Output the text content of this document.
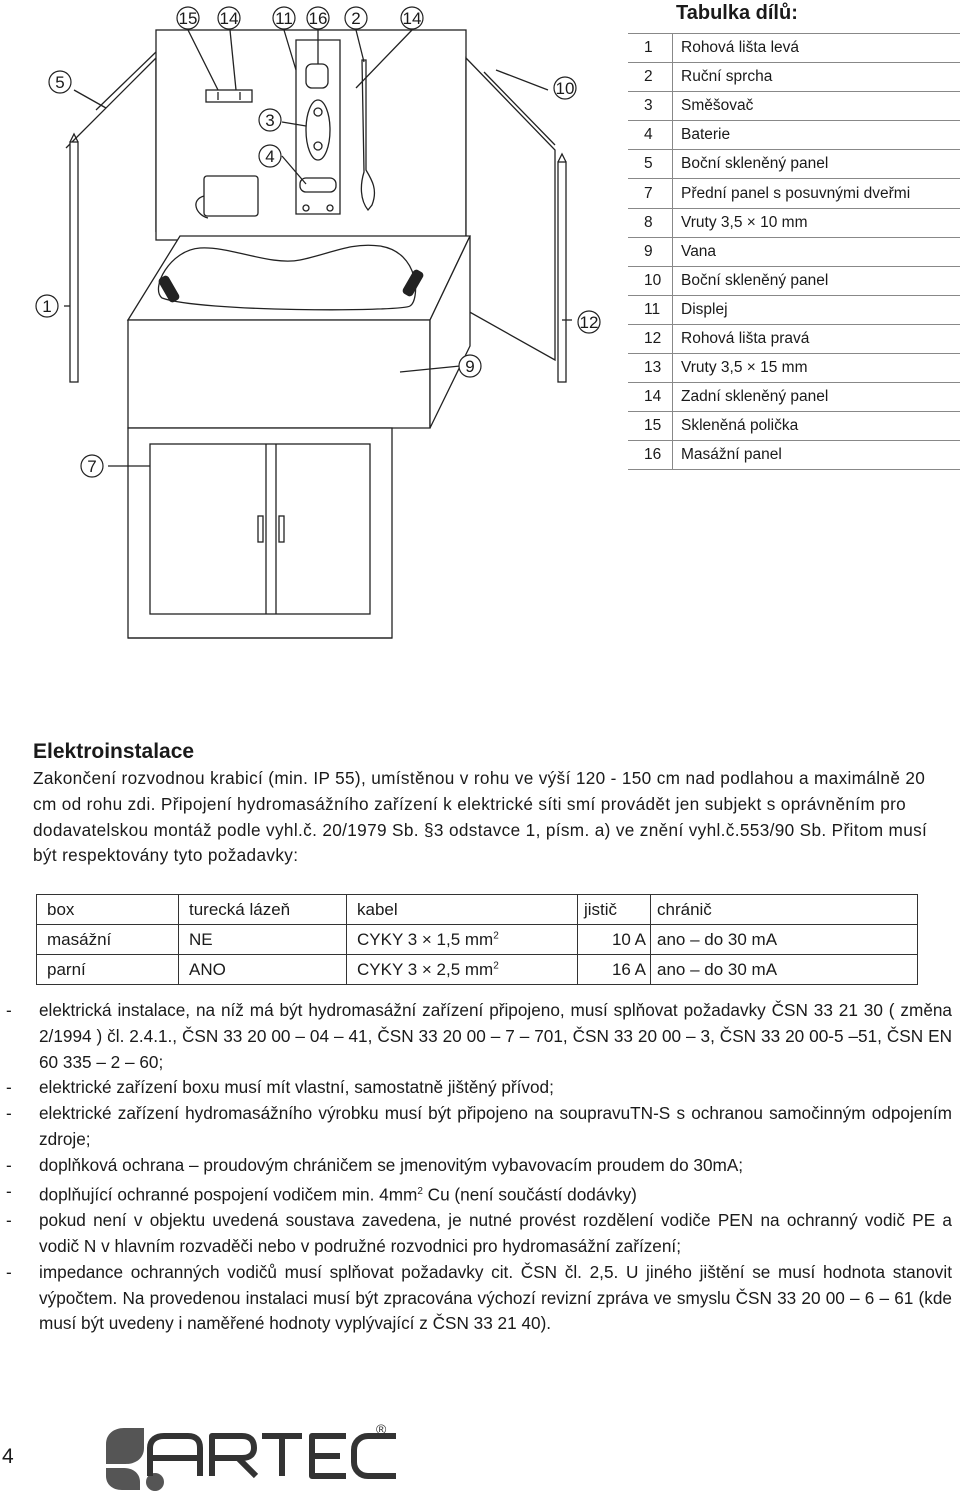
15 14 11 16 2 14
5	10
3
4
1
12
9
7
Tabulka dílů:
1	Rohová lišta levá
2	Ruční sprcha
3	Směšovač
4	Baterie
5	Boční skleněný panel
7	Přední panel s posuvnými dveřmi
8	Vruty 3,5 × 10 mm
9	Vana
10	Boční skleněný panel
11	Displej
12	Rohová lišta pravá
13	Vruty 3,5 × 15 mm
14	Zadní skleněný panel
15	Skleněná polička
16	Masážní panel
Elektroinstalace
Zakončení rozvodnou krabicí (min. IP 55), umístěnou v rohu ve výší 120 - 150 cm nad podlahou a maximálně 20 cm od rohu zdi. Připojení hydromasážního zařízení k elektrické síti smí provádět jen subjekt s oprávněním pro dodavatelskou montáž podle vyhl.č. 20/1979 Sb. §3 odstavce 1, písm. a) ve znění vyhl.č.553/90 Sb. Přitom musí být respektovány tyto požadavky:
box	turecká lázeň	kabel	jistič	chránič
masážní	NE	CYKY 3 × 1,5 $mm^2$	10 A	ano – do 30 mA
parní	ANO	CYKY 3 × 2,5 $mm^2$	16 A	ano – do 30 mA
- elektrická instalace, na níž má být hydromasážní zařízení připojeno, musí splňovat požadavky ČSN 33 21 30 ( změna 2/1994 ) čl. 2.4.1., ČSN 33 20 00 – 04 – 41, ČSN 33 20 00 – 7 – 701, ČSN 33 20 00 – 3, ČSN 33 20 00-5 –51, ČSN EN 60 335 – 2 – 60;
- elektrické zařízení boxu musí mít vlastní, samostatně jištěný přívod;
- elektrické zařízení hydromasážního výrobku musí být připojeno na soupravuTN-S s ochranou samočinným odpojením zdroje;
- doplňková ochrana – proudovým chráničem se jmenovitým vybavovacím proudem do 30mA;
- doplňující ochranné pospojení vodičem min. $4mm^2$ Cu (není součástí dodávky)
- pokud není v objektu uvedená soustava zavedena, je nutné provést rozdělení vodiče PEN na ochranný vodič PE a vodič N v hlavním rozvaděči nebo v podružné rozvodnici pro hydromasážní zařízení;
- impedance ochranných vodičů musí splňovat požadavky cit. ČSN čl. 2,5. U jiného jištění se musí hodnota stanovit výpočtem. Na provedenou instalaci musí být zpracována výchozí revizní zpráva ve smyslu ČSN 33 20 00 – 6 – 61 (kde musí být uvedeny i naměřené hodnoty vyplývající z ČSN 33 21 40).
4
®
ARTEC
